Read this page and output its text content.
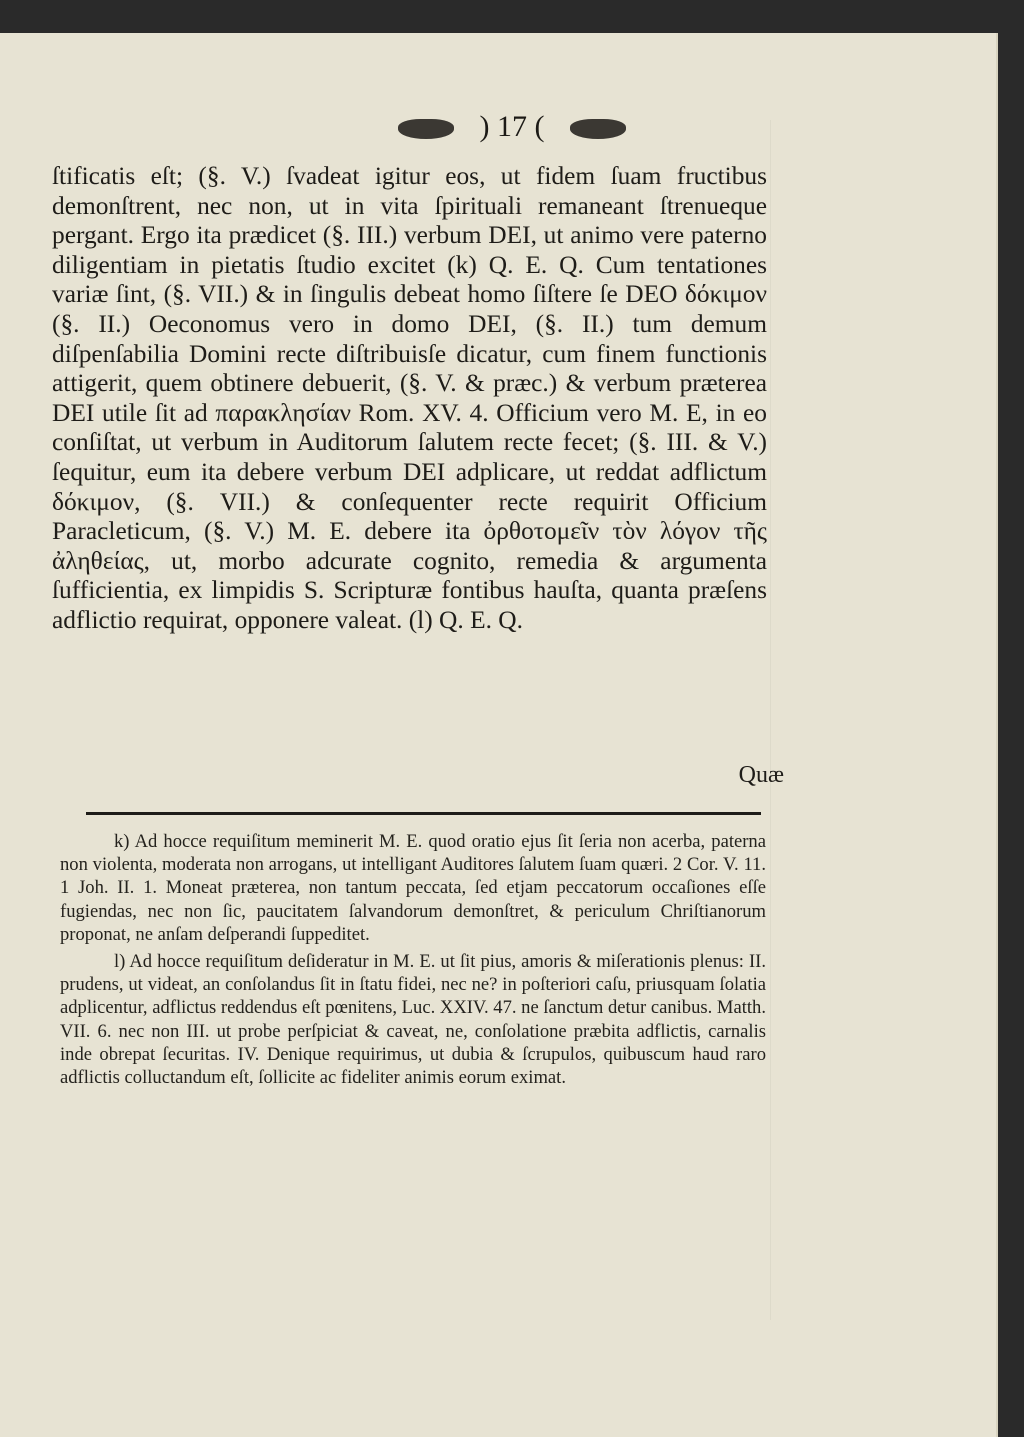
) 17 (

ſtificatis eſt; (§. V.) ſvadeat igitur eos, ut fidem ſuam fructibus demonſtrent, nec non, ut in vita ſpirituali remaneant ſtrenueque pergant. Ergo ita prædicet (§. III.) verbum DEI, ut animo vere paterno diligentiam in pietatis ſtudio excitet (k) Q. E. Q. Cum tentationes variæ ſint, (§. VII.) & in ſingulis debeat homo ſiſtere ſe DEO δόκιμον (§. II.) Oeconomus vero in domo DEI, (§. II.) tum demum diſpenſabilia Domini recte diſtribuisſe dicatur, cum finem functionis attigerit, quem obtinere debuerit, (§. V. & præc.) & verbum præterea DEI utile ſit ad παρακλησίαν Rom. XV. 4. Officium vero M. E, in eo conſiſtat, ut verbum in Auditorum ſalutem recte fecet; (§. III. & V.) ſequitur, eum ita debere verbum DEI adplicare, ut reddat adflictum δόκιμον, (§. VII.) & conſequenter recte requirit Officium Paracleticum, (§. V.) M. E. debere ita ὀρθοτομεῖν τὸν λόγον τῆς ἀληθείας, ut, morbo adcurate cognito, remedia & argumenta ſufficientia, ex limpidis S. Scripturæ fontibus hauſta, quanta præſens adflictio requirat, opponere valeat. (l) Q. E. Q.

Quæ

k) Ad hocce requiſitum meminerit M. E. quod oratio ejus ſit ſeria non acerba, paterna non violenta, moderata non arrogans, ut intelligant Auditores ſalutem ſuam quæri. 2 Cor. V. 11. 1 Joh. II. 1. Moneat præterea, non tantum peccata, ſed etjam peccatorum occaſiones eſſe fugiendas, nec non ſic, paucitatem ſalvandorum demonſtret, & periculum Chriſtianorum proponat, ne anſam deſperandi ſuppeditet.

l) Ad hocce requiſitum deſideratur in M. E. ut ſit pius, amoris & miſerationis plenus: II. prudens, ut videat, an conſolandus ſit in ſtatu fidei, nec ne? in poſteriori caſu, priusquam ſolatia adplicentur, adflictus reddendus eſt pœnitens, Luc. XXIV. 47. ne ſanctum detur canibus. Matth. VII. 6. nec non III. ut probe perſpiciat & caveat, ne, conſolatione præbita adflictis, carnalis inde obrepat ſecuritas. IV. Denique requirimus, ut dubia & ſcrupulos, quibuscum haud raro adflictis colluctandum eſt, ſollicite ac fideliter animis eorum eximat.
